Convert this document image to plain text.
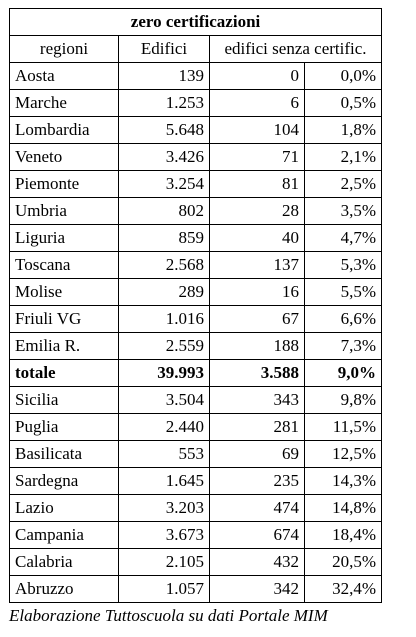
zero certificazioni			
regioni	Edifici	edifici senza certific.	
Aosta	139	0	0,0%
Marche	1.253	6	0,5%
Lombardia	5.648	104	1,8%
Veneto	3.426	71	2,1%
Piemonte	3.254	81	2,5%
Umbria	802	28	3,5%
Liguria	859	40	4,7%
Toscana	2.568	137	5,3%
Molise	289	16	5,5%
Friuli VG	1.016	67	6,6%
Emilia R.	2.559	188	7,3%
totale	39.993	3.588	9,0%
Sicilia	3.504	343	9,8%
Puglia	2.440	281	11,5%
Basilicata	553	69	12,5%
Sardegna	1.645	235	14,3%
Lazio	3.203	474	14,8%
Campania	3.673	674	18,4%
Calabria	2.105	432	20,5%
Abruzzo	1.057	342	32,4%
Elaborazione Tuttoscuola su dati Portale MIM
